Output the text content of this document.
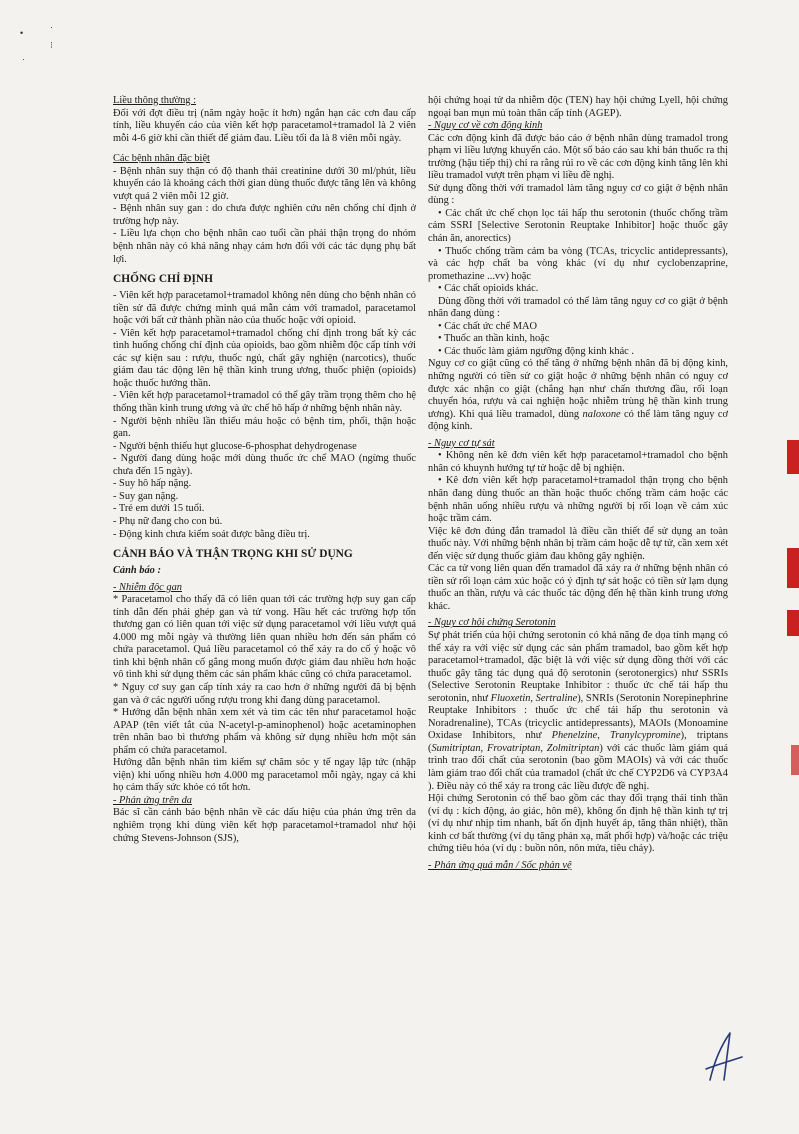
•
·
⁝
·

Liều thông thường :

Đối với đợt điều trị (năm ngày hoặc ít hơn) ngắn hạn các cơn đau cấp tính, liều khuyến cáo của viên kết hợp paracetamol+tramadol là 2 viên mỗi 4-6 giờ khi cần thiết để giảm đau. Liều tối đa là 8 viên mỗi ngày.

Các bệnh nhân đặc biệt

- Bệnh nhân suy thận có độ thanh thải creatinine dưới 30 ml/phút, liều khuyến cáo là khoảng cách thời gian dùng thuốc được tăng lên và không vượt quá 2 viên mỗi 12 giờ.

- Bệnh nhân suy gan : do chưa được nghiên cứu nên chống chỉ định ở trường hợp này.

- Liều lựa chọn cho bệnh nhân cao tuổi cần phải thận trọng do nhóm bệnh nhân này có khả năng nhạy cảm hơn đối với các tác dụng phụ bất lợi.

CHỐNG CHỈ ĐỊNH

- Viên kết hợp paracetamol+tramadol không nên dùng cho bệnh nhân có tiền sử đã được chứng minh quá mẫn cảm với tramadol, paracetamol hoặc với bất cứ thành phần nào của thuốc hoặc với opioid.

- Viên kết hợp paracetamol+tramadol chống chỉ định trong bất kỳ các tình huống chống chỉ định của opioids, bao gồm nhiễm độc cấp tính với các sự kiện sau : rượu, thuốc ngủ, chất gây nghiện (narcotics), thuốc giảm đau tác động lên hệ thần kinh trung ương, thuốc phiện (opioids) hoặc thuốc hướng thần.

- Viên kết hợp paracetamol+tramadol có thể gây trầm trọng thêm cho hệ thống thần kinh trung ương và ức chế hô hấp ở những bệnh nhân này.

- Người bệnh nhiều lần thiếu máu hoặc có bệnh tim, phổi, thận hoặc gan.

- Người bệnh thiếu hụt glucose-6-phosphat dehydrogenase

- Người đang dùng hoặc mới dùng thuốc ức chế MAO (ngừng thuốc chưa đến 15 ngày).

- Suy hô hấp nặng.

- Suy gan nặng.

- Trẻ em dưới 15 tuổi.

- Phụ nữ đang cho con bú.

- Động kinh chưa kiểm soát được bằng điều trị.

CẢNH BÁO VÀ THẬN TRỌNG KHI SỬ DỤNG

Cảnh báo :

- Nhiễm độc gan

* Paracetamol cho thấy đã có liên quan tới các trường hợp suy gan cấp tính dẫn đến phải ghép gan và tử vong. Hầu hết các trường hợp tổn thương gan có liên quan tới việc sử dụng paracetamol với liều vượt quá 4.000 mg mỗi ngày và thường liên quan nhiều hơn đến sản phẩm có chứa paracetamol. Quá liều paracetamol có thể xảy ra do cố ý hoặc vô tình khi bệnh nhân cố gắng mong muốn được giảm đau nhiều hơn hoặc vô tình khi sử dụng thêm các sản phẩm khác cũng có chứa paracetamol.

* Nguy cơ suy gan cấp tính xảy ra cao hơn ở những người đã bị bệnh gan và ở các người uống rượu trong khi đang dùng paracetamol.

* Hướng dẫn bệnh nhân xem xét và tìm các tên như paracetamol hoặc APAP (tên viết tắt của N-acetyl-p-aminophenol) hoặc acetaminophen trên nhãn bao bì thương phẩm và không sử dụng nhiều hơn một sản phẩm có chứa paracetamol.

Hướng dẫn bệnh nhân tìm kiếm sự chăm sóc y tế ngay lập tức (nhập viện) khi uống nhiều hơn 4.000 mg paracetamol mỗi ngày, ngay cả khi họ cảm thấy sức khỏe có tốt hơn.

- Phản ứng trên da

Bác sĩ cần cảnh báo bệnh nhân về các dấu hiệu của phản ứng trên da nghiêm trọng khi dùng viên kết hợp paracetamol+tramadol như hội chứng Stevens-Johnson (SJS),

hội chứng hoại tử da nhiễm độc (TEN) hay hội chứng Lyell, hội chứng ngoại ban mụn mủ toàn thân cấp tính (AGEP).

- Nguy cơ về cơn động kinh

Các cơn động kinh đã được báo cáo ở bệnh nhân dùng tramadol trong phạm vi liều lượng khuyến cáo. Một số báo cáo sau khi bán thuốc ra thị trường (hậu tiếp thị) chỉ ra rằng rủi ro về các cơn động kinh tăng lên khi liều tramadol vượt trên phạm vi liều đề nghị.

Sử dụng đồng thời với tramadol làm tăng nguy cơ co giật ở bệnh nhân dùng :

• Các chất ức chế chọn lọc tái hấp thu serotonin (thuốc chống trầm cảm SSRI [Selective Serotonin Reuptake Inhibitor] hoặc thuốc gây chán ăn, anorectics)

• Thuốc chống trầm cảm ba vòng (TCAs, tricyclic antidepressants), và các hợp chất ba vòng khác (ví dụ như cyclobenzaprine, promethazine ...vv) hoặc

• Các chất opioids khác.

Dùng đồng thời với tramadol có thể làm tăng nguy cơ co giật ở bệnh nhân đang dùng :

• Các chất ức chế MAO

• Thuốc an thần kinh, hoặc

• Các thuốc làm giảm ngưỡng động kinh khác .

Nguy cơ co giật cũng có thể tăng ở những bệnh nhân đã bị động kinh, những người có tiền sử co giật hoặc ở những bệnh nhân có nguy cơ được xác nhận co giật (chẳng hạn như chấn thương đầu, rối loạn chuyển hóa, rượu và cai nghiện hoặc nhiễm trùng hệ thần kinh trung ương). Khi quá liều tramadol, dùng naloxone có thể làm tăng nguy cơ động kinh.

- Nguy cơ tự sát

• Không nên kê đơn viên kết hợp paracetamol+tramadol cho bệnh nhân có khuynh hướng tự tử hoặc dễ bị nghiện.

• Kê đơn viên kết hợp paracetamol+tramadol thận trọng cho bệnh nhân đang dùng thuốc an thần hoặc thuốc chống trầm cảm hoặc các bệnh nhân uống nhiều rượu và những người bị rối loạn về cảm xúc hoặc trầm cảm.

Việc kê đơn đúng đắn tramadol là điều cần thiết để sử dụng an toàn thuốc này. Với những bệnh nhân bị trầm cảm hoặc dễ tự tử, cần xem xét đến việc sử dụng thuốc giảm đau không gây nghiện.

Các ca tử vong liên quan đến tramadol đã xảy ra ở những bệnh nhân có tiền sử rối loạn cảm xúc hoặc có ý định tự sát hoặc có tiền sử lạm dụng thuốc an thần, rượu và các thuốc tác động đến hệ thần kinh trung ương khác.

- Nguy cơ hội chứng Serotonin

Sự phát triển của hội chứng serotonin có khả năng đe dọa tính mạng có thể xảy ra với việc sử dụng các sản phẩm tramadol, bao gồm kết hợp paracetamol+tramadol, đặc biệt là với việc sử dụng đồng thời với các thuốc gây tăng tác dụng quá độ serotonin (serotonergics) như SSRIs (Selective Serotonin Reuptake Inhibitor : thuốc ức chế tái hấp thu serotonin, như Fluoxetin, Sertraline), SNRIs (Serotonin Norepinephrine Reuptake Inhibitors : thuốc ức chế tái hấp thu serotonin và Noradrenaline), TCAs (tricyclic antidepressants), MAOIs (Monoamine Oxidase Inhibitors, như Phenelzine, Tranylcypromine), triptans (Sumitriptan, Frovatriptan, Zolmitriptan) với các thuốc làm giảm quá trình trao đổi chất của serotonin (bao gồm MAOIs) và với các thuốc làm giảm trao đổi chất của tramadol (chất ức chế CYP2D6 và CYP3A4 ). Điều này có thể xảy ra trong các liều được đề nghị.

Hội chứng Serotonin có thể bao gồm các thay đổi trạng thái tinh thần (ví dụ : kích động, ảo giác, hôn mê), không ổn định hệ thần kinh tự trị (ví dụ như nhịp tim nhanh, bất ổn định huyết áp, tăng thân nhiệt), thần kinh cơ bất thường (ví dụ tăng phản xạ, mất phối hợp) và/hoặc các triệu chứng tiêu hóa (ví dụ : buồn nôn, nôn mửa, tiêu chảy).

- Phản ứng quá mẫn / Sốc phản vệ
